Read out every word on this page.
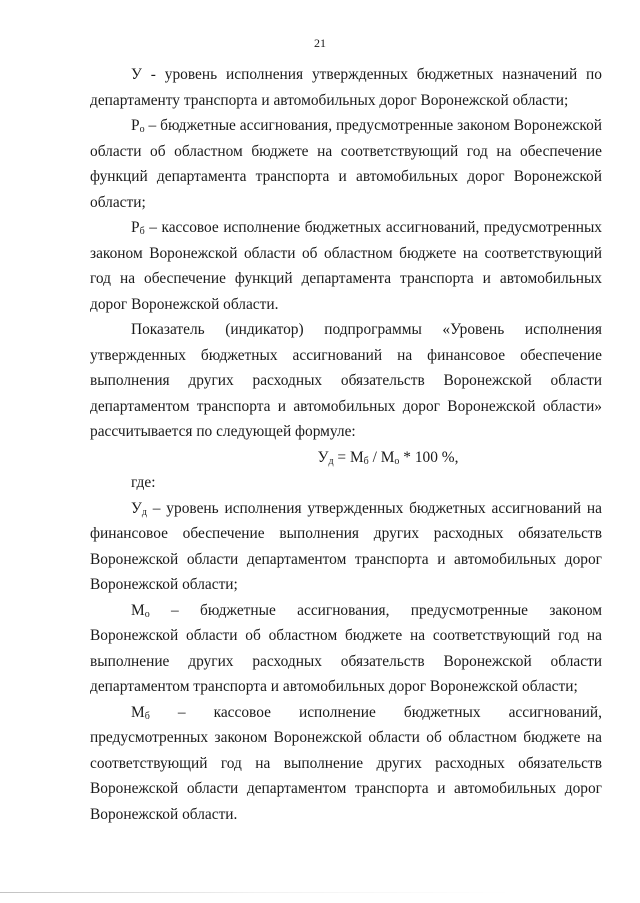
21

У - уровень исполнения утвержденных бюджетных назначений по департаменту транспорта и автомобильных дорог Воронежской области;

$Р_о$ – бюджетные ассигнования, предусмотренные законом Воронежской области об областном бюджете на соответствующий год на обеспечение функций департамента транспорта и автомобильных дорог Воронежской области;

$Р_б$ – кассовое исполнение бюджетных ассигнований, предусмотренных законом Воронежской области об областном бюджете на соответствующий год на обеспечение функций департамента транспорта и автомобильных дорог Воронежской области.

Показатель (индикатор) подпрограммы «Уровень исполнения утвержденных бюджетных ассигнований на финансовое обеспечение выполнения других расходных обязательств Воронежской области департаментом транспорта и автомобильных дорог Воронежской области» рассчитывается по следующей формуле:

$У_д = М_б / М_о * 100$ %,

где:

$У_д$ – уровень исполнения утвержденных бюджетных ассигнований на финансовое обеспечение выполнения других расходных обязательств Воронежской области департаментом транспорта и автомобильных дорог Воронежской области;

$М_о$ – бюджетные ассигнования, предусмотренные законом Воронежской области об областном бюджете на соответствующий год на выполнение других расходных обязательств Воронежской области департаментом транспорта и автомобильных дорог Воронежской области;

$М_б$ – кассовое исполнение бюджетных ассигнований, предусмотренных законом Воронежской области об областном бюджете на соответствующий год на выполнение других расходных обязательств Воронежской области департаментом транспорта и автомобильных дорог Воронежской области.
